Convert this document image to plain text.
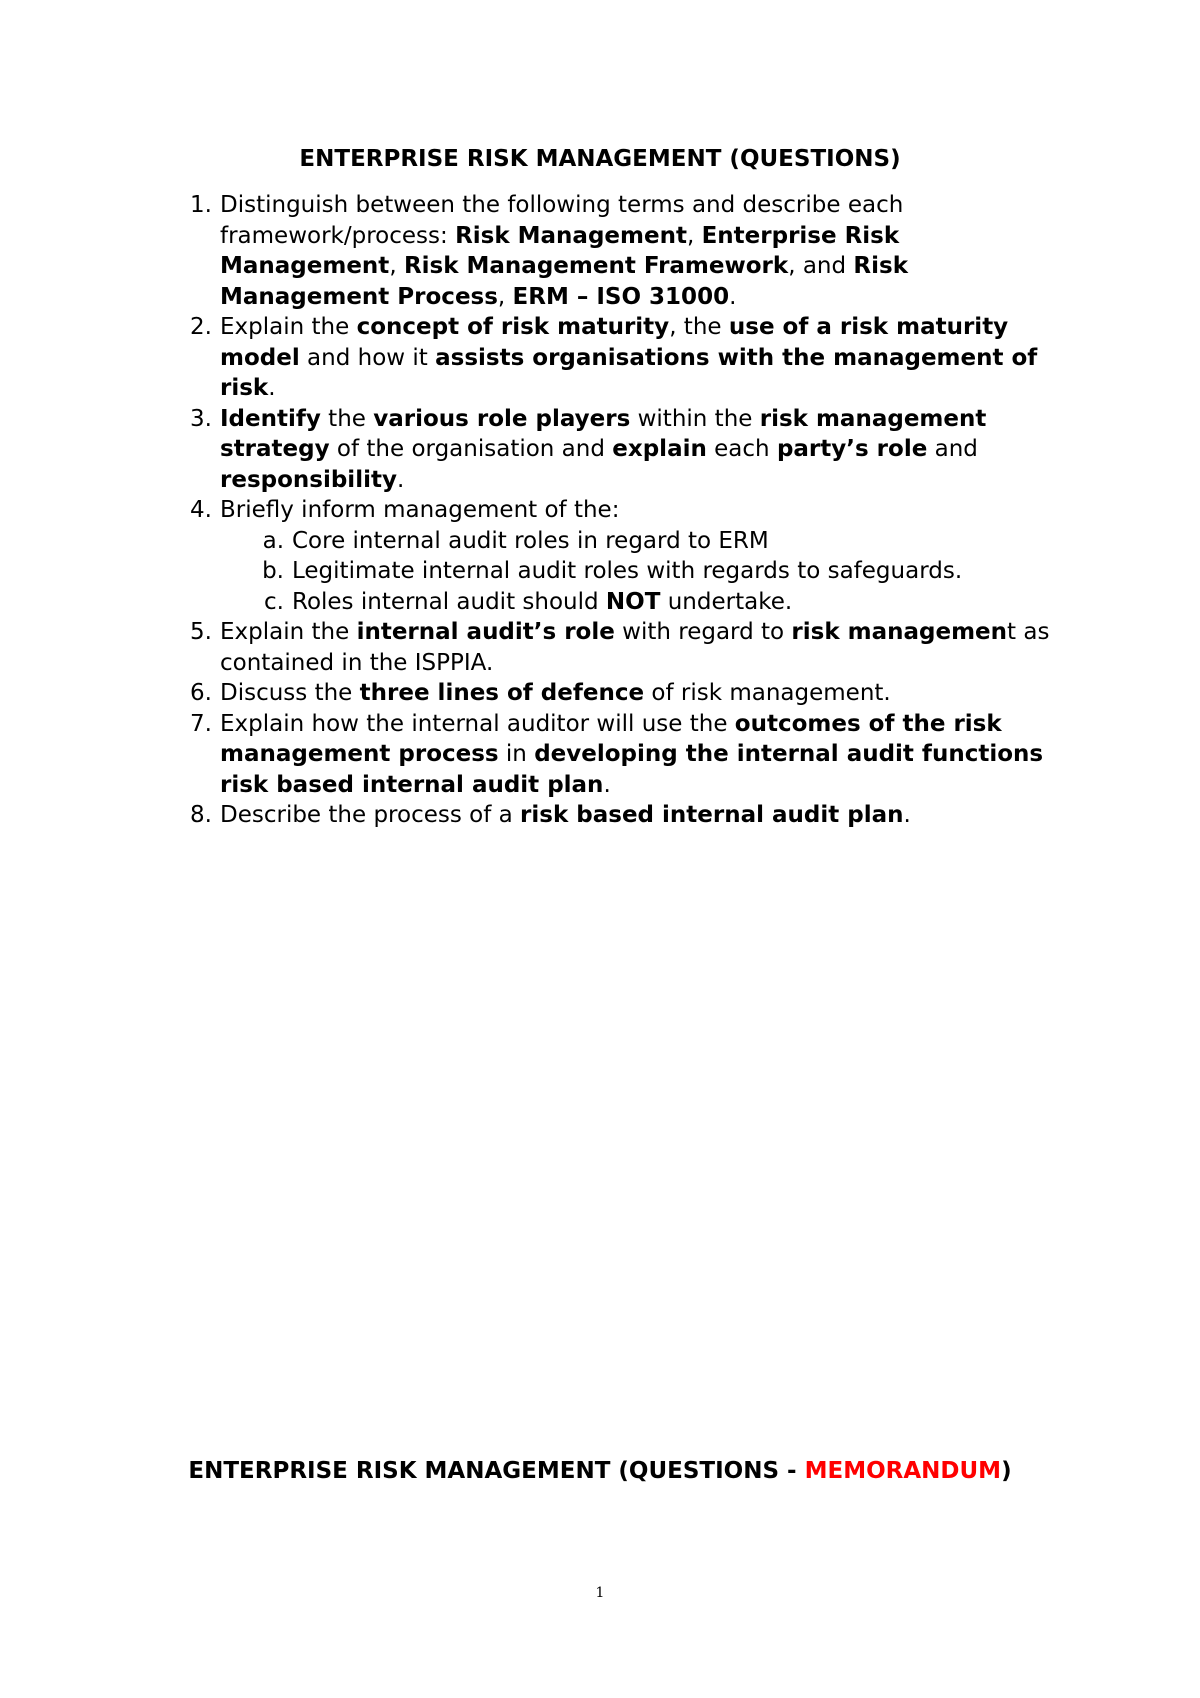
ENTERPRISE RISK MANAGEMENT (QUESTIONS)
1. Distinguish between the following terms and describe each framework/process: Risk Management, Enterprise Risk Management, Risk Management Framework, and Risk Management Process, ERM – ISO 31000.
2. Explain the concept of risk maturity, the use of a risk maturity model and how it assists organisations with the management of risk.
3. Identify the various role players within the risk management strategy of the organisation and explain each party’s role and responsibility.
4. Briefly inform management of the:
a. Core internal audit roles in regard to ERM
b. Legitimate internal audit roles with regards to safeguards.
c. Roles internal audit should NOT undertake.
5. Explain the internal audit’s role with regard to risk management as contained in the ISPPIA.
6. Discuss the three lines of defence of risk management.
7. Explain how the internal auditor will use the outcomes of the risk management process in developing the internal audit functions risk based internal audit plan.
8. Describe the process of a risk based internal audit plan.
ENTERPRISE RISK MANAGEMENT (QUESTIONS - MEMORANDUM)
1
